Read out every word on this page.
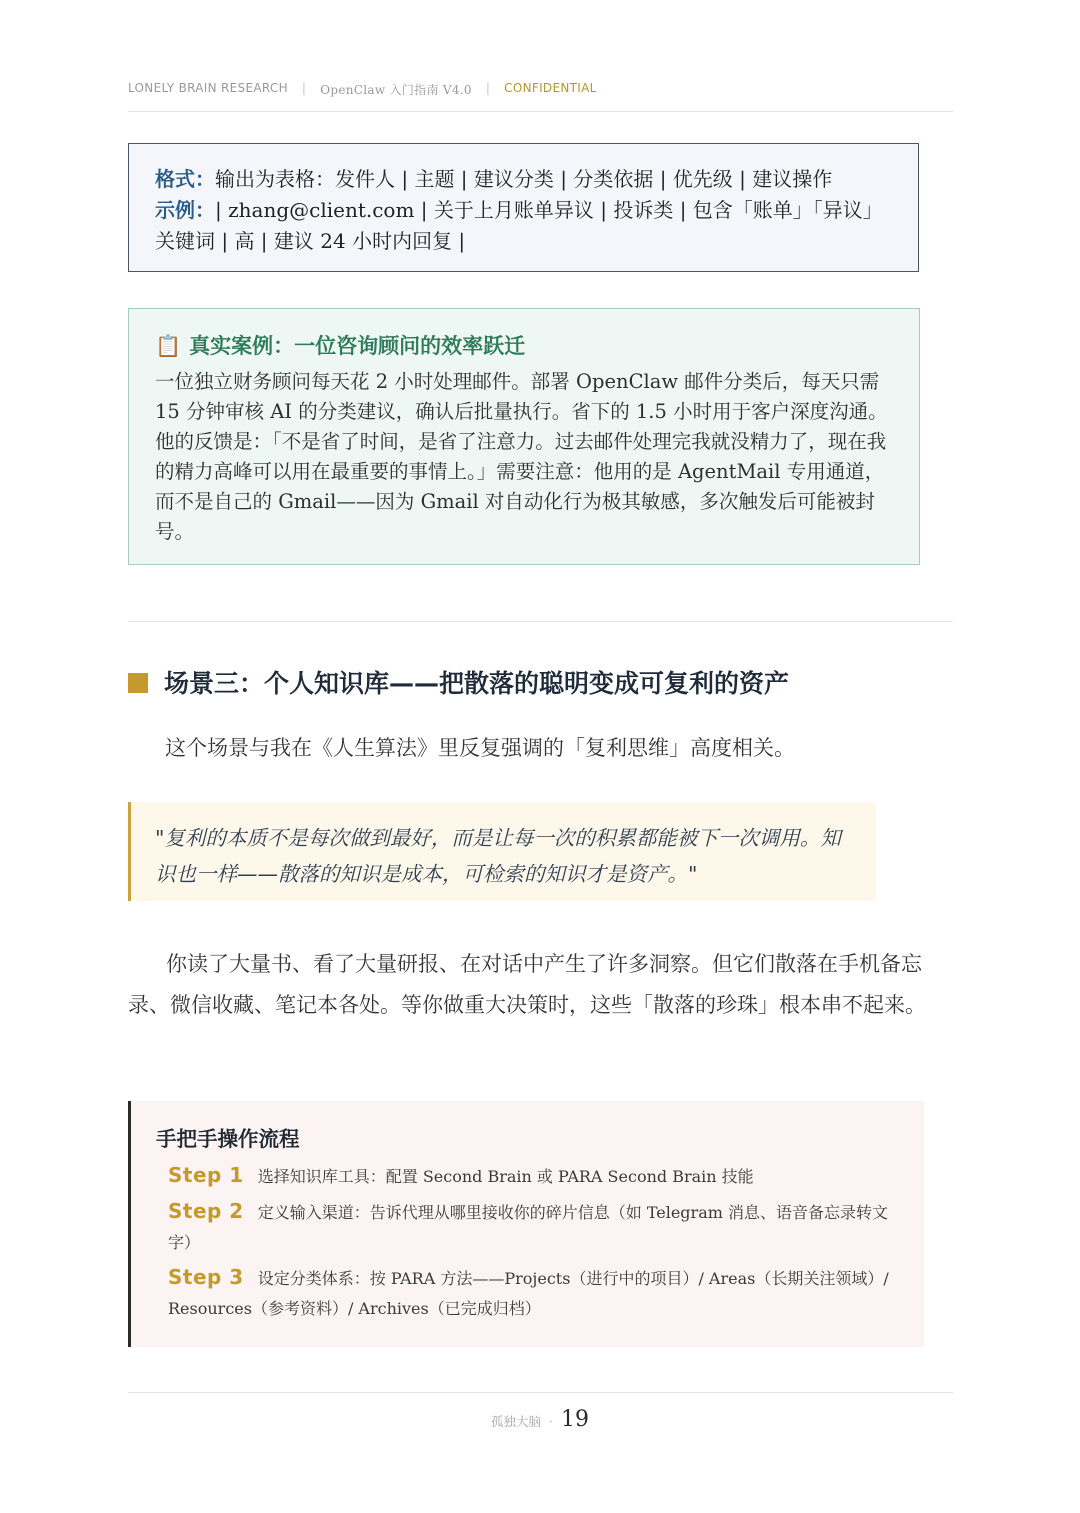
LONELY BRAIN RESEARCH | OpenClaw 入门指南 V4.0 | CONFIDENTIAL
格式：输出为表格：发件人 | 主题 | 建议分类 | 分类依据 | 优先级 | 建议操作
示例：| zhang@client.com | 关于上月账单异议 | 投诉类 | 包含「账单」「异议」关键词 | 高 | 建议 24 小时内回复 |
📋 真实案例：一位咨询顾问的效率跃迁
一位独立财务顾问每天花 2 小时处理邮件。部署 OpenClaw 邮件分类后，每天只需 15 分钟审核 AI 的分类建议，确认后批量执行。省下的 1.5 小时用于客户深度沟通。他的反馈是：「不是省了时间，是省了注意力。过去邮件处理完我就没精力了，现在我的精力高峰可以用在最重要的事情上。」需要注意：他用的是 AgentMail 专用通道，而不是自己的 Gmail——因为 Gmail 对自动化行为极其敏感，多次触发后可能被封号。
场景三：个人知识库——把散落的聪明变成可复利的资产
这个场景与我在《人生算法》里反复强调的「复利思维」高度相关。
"复利的本质不是每次做到最好，而是让每一次的积累都能被下一次调用。知识也一样——散落的知识是成本，可检索的知识才是资产。"
你读了大量书、看了大量研报、在对话中产生了许多洞察。但它们散落在手机备忘录、微信收藏、笔记本各处。等你做重大决策时，这些「散落的珍珠」根本串不起来。
手把手操作流程
Step 1 选择知识库工具：配置 Second Brain 或 PARA Second Brain 技能
Step 2 定义输入渠道：告诉代理从哪里接收你的碎片信息（如 Telegram 消息、语音备忘录转文字）
Step 3 设定分类体系：按 PARA 方法——Projects（进行中的项目）/ Areas（长期关注领域）/ Resources（参考资料）/ Archives（已完成归档）
孤独大脑 · 19
